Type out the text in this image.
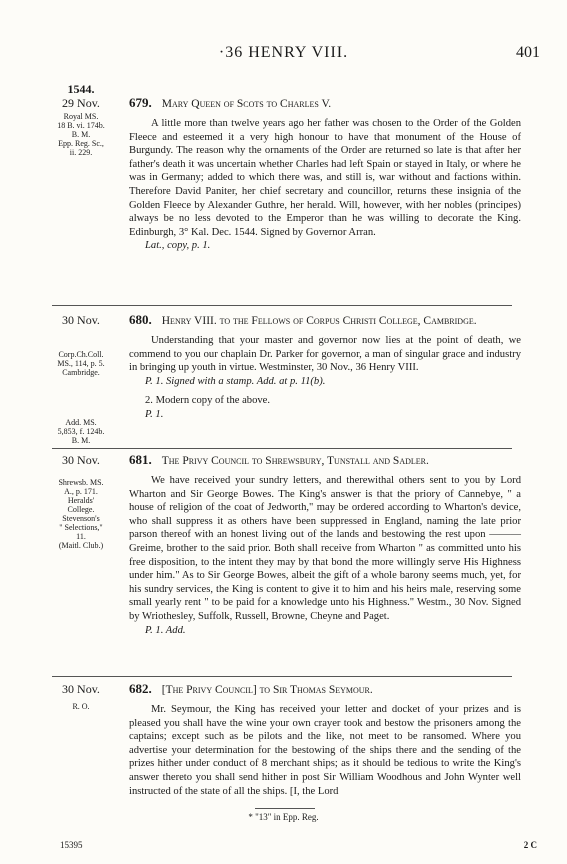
·36 HENRY VIII.	401
1544.
29 Nov.
Royal MS.
18 B. vi. 174b.
B. M.
Epp. Reg. Sc.,
ii. 229.
679. Mary Queen of Scots to Charles V.
A little more than twelve years ago her father was chosen to the Order of the Golden Fleece and esteemed it a very high honour to have that monument of the House of Burgundy. The reason why the ornaments of the Order are returned so late is that after her father's death it was uncertain whether Charles had left Spain or stayed in Italy, or where he was in Germany; added to which there was, and still is, war without and factions within. Therefore David Paniter, her chief secretary and councillor, returns these insignia of the Golden Fleece by Alexander Guthre, her herald. Will, however, with her nobles (principes) always be no less devoted to the Emperor than he was willing to decorate the King. Edinburgh, 3° Kal. Dec. 1544. Signed by Governor Arran.
Lat., copy, p. 1.
30 Nov.
Corp.Ch.Coll.
MS., 114, p. 5.
Cambridge.
680. Henry VIII. to the Fellows of Corpus Christi College, Cambridge.
Understanding that your master and governor now lies at the point of death, we commend to you our chaplain Dr. Parker for governor, a man of singular grace and industry in bringing up youth in virtue. Westminster, 30 Nov., 36 Henry VIII.
P. 1. Signed with a stamp. Add. at p. 11(b).
2. Modern copy of the above.
P. 1.
Add. MS.
5,853, f. 124b.
B. M.
30 Nov.
Shrewsb. MS.
A., p. 171.
Heralds'
College.
Stevenson's
" Selections,"
11.
(Maitl. Club.)
681. The Privy Council to Shrewsbury, Tunstall and Sadler.
We have received your sundry letters, and therewithal others sent to you by Lord Wharton and Sir George Bowes. The King's answer is that the priory of Cannebye, " a house of religion of the coat of Jedworth," may be ordered according to Wharton's device, who shall suppress it as others have been suppressed in England, naming the late prior parson thereof with an honest living out of the lands and bestowing the rest upon ——— Greime, brother to the said prior. Both shall receive from Wharton " as committed unto his free disposition, to the intent they may by that bond the more willingly serve His Highness under him." As to Sir George Bowes, albeit the gift of a whole barony seems much, yet, for his sundry services, the King is content to give it to him and his heirs male, reserving some small yearly rent " to be paid for a knowledge unto his Highness." Westm., 30 Nov. Signed by Wriothesley, Suffolk, Russell, Browne, Cheyne and Paget.
P. 1. Add.
30 Nov.
R. O.
682. [The Privy Council] to Sir Thomas Seymour.
Mr. Seymour, the King has received your letter and docket of your prizes and is pleased you shall have the wine your own crayer took and bestow the prisoners among the captains; except such as be pilots and the like, not meet to be ransomed. Where you advertise your determination for the bestowing of the ships there and the sending of the prizes hither under conduct of 8 merchant ships; as it should be tedious to write the King's answer thereto you shall send hither in post Sir William Woodhous and John Wynter well instructed of the state of all the ships. [I, the Lord
* "13" in Epp. Reg.
15395	2 C
